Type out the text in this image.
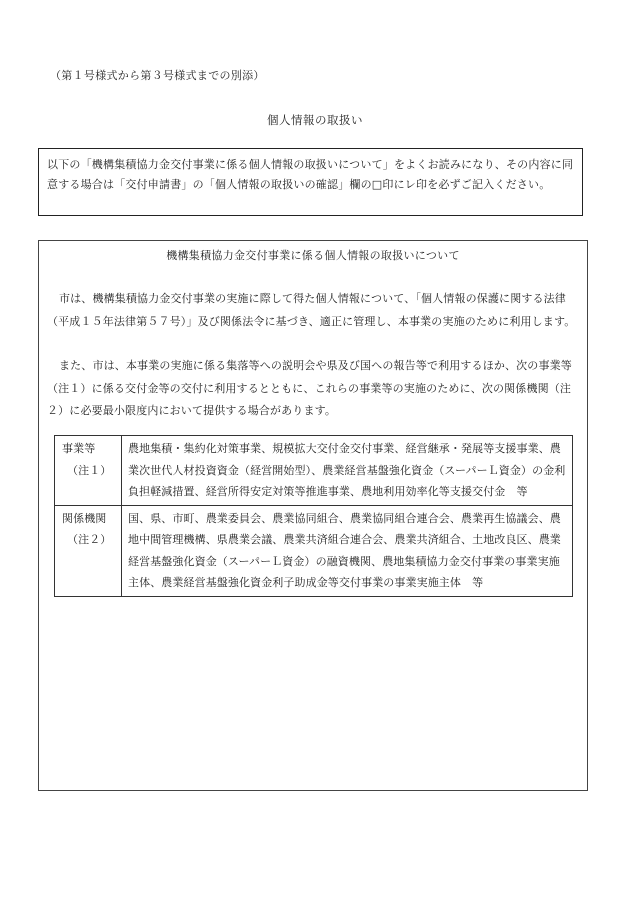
（第１号様式から第３号様式までの別添）
個人情報の取扱い
以下の「機構集積協力金交付事業に係る個人情報の取扱いについて」をよくお読みになり、その内容に同意する場合は「交付申請書」の「個人情報の取扱いの確認」欄の□印にレ印を必ずご記入ください。
機構集積協力金交付事業に係る個人情報の取扱いについて
市は、機構集積協力金交付事業の実施に際して得た個人情報について、「個人情報の保護に関する法律（平成１５年法律第５７号）」及び関係法令に基づき、適正に管理し、本事業の実施のために利用します。
また、市は、本事業の実施に係る集落等への説明会や県及び国への報告等で利用するほか、次の事業等（注１）に係る交付金等の交付に利用するとともに、これらの事業等の実施のために、次の関係機関（注２）に必要最小限度内において提供する場合があります。
事業等
（注１）	農地集積・集約化対策事業、規模拡大交付金交付事業、経営継承・発展等支援事業、農業次世代人材投資資金（経営開始型）、農業経営基盤強化資金（スーパーＬ資金）の金利負担軽減措置、経営所得安定対策等推進事業、農地利用効率化等支援交付金　等

関係機関
（注２）	国、県、市町、農業委員会、農業協同組合、農業協同組合連合会、農業再生協議会、農地中間管理機構、県農業会議、農業共済組合連合会、農業共済組合、土地改良区、農業経営基盤強化資金（スーパーＬ資金）の融資機関、農地集積協力金交付事業の事業実施主体、農業経営基盤強化資金利子助成金等交付事業の事業実施主体　等
